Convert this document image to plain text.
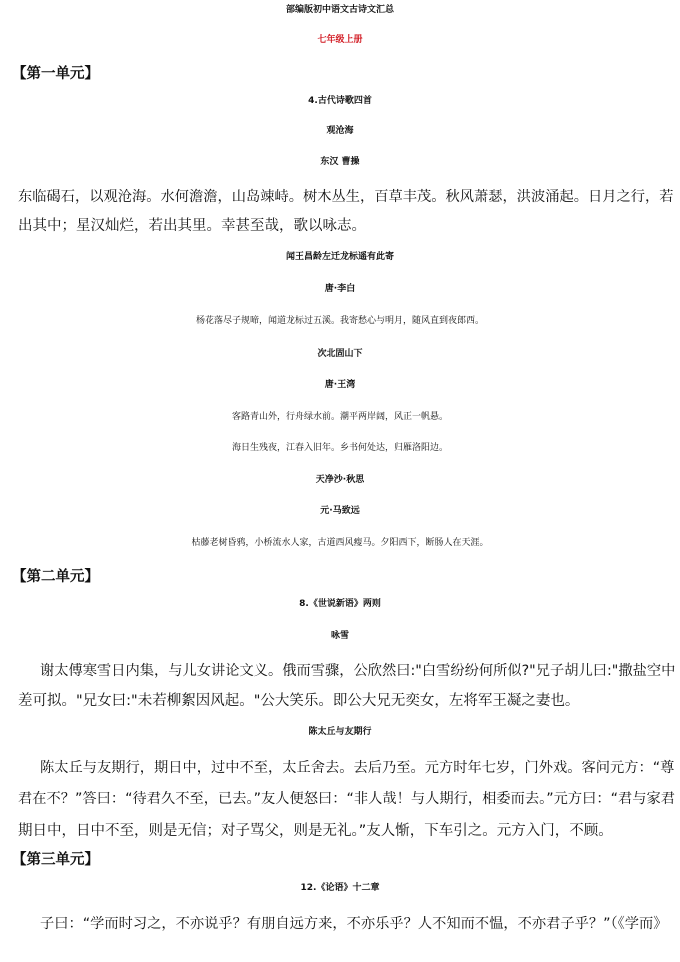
部编版初中语文古诗文汇总
七年级上册
【第一单元】
4.古代诗歌四首
观沧海
东汉 曹操
东临碣石，以观沧海。水何澹澹，山岛竦峙。树木丛生，百草丰茂。秋风萧瑟，洪波涌起。日月之行，若
出其中；星汉灿烂，若出其里。幸甚至哉，歌以咏志。
闻王昌龄左迁龙标遥有此寄
唐·李白
杨花落尽子规啼，闻道龙标过五溪。我寄愁心与明月，随风直到夜郎西。
次北固山下
唐·王湾
客路青山外，行舟绿水前。潮平两岸阔，风正一帆悬。
海日生残夜，江春入旧年。乡书何处达，归雁洛阳边。
天净沙·秋思
元·马致远
枯藤老树昏鸦，小桥流水人家，古道西风瘦马。夕阳西下，断肠人在天涯。
【第二单元】
8.《世说新语》两则
咏雪
谢太傅寒雪日内集，与儿女讲论文义。俄而雪骤，公欣然曰:"白雪纷纷何所似?"兄子胡儿曰:"撒盐空中
差可拟。"兄女曰:"未若柳絮因风起。"公大笑乐。即公大兄无奕女，左将军王凝之妻也。
陈太丘与友期行
陈太丘与友期行，期日中，过中不至，太丘舍去。去后乃至。元方时年七岁，门外戏。客问元方：“尊
君在不？”答曰：“待君久不至，已去。”友人便怒曰：“非人哉！与人期行，相委而去。”元方曰：“君与家君
期日中，日中不至，则是无信；对子骂父，则是无礼。”友人惭，下车引之。元方入门，不顾。
【第三单元】
12.《论语》十二章
子曰：“学而时习之，不亦说乎？有朋自远方来，不亦乐乎？人不知而不愠，不亦君子乎？”（《学而》
